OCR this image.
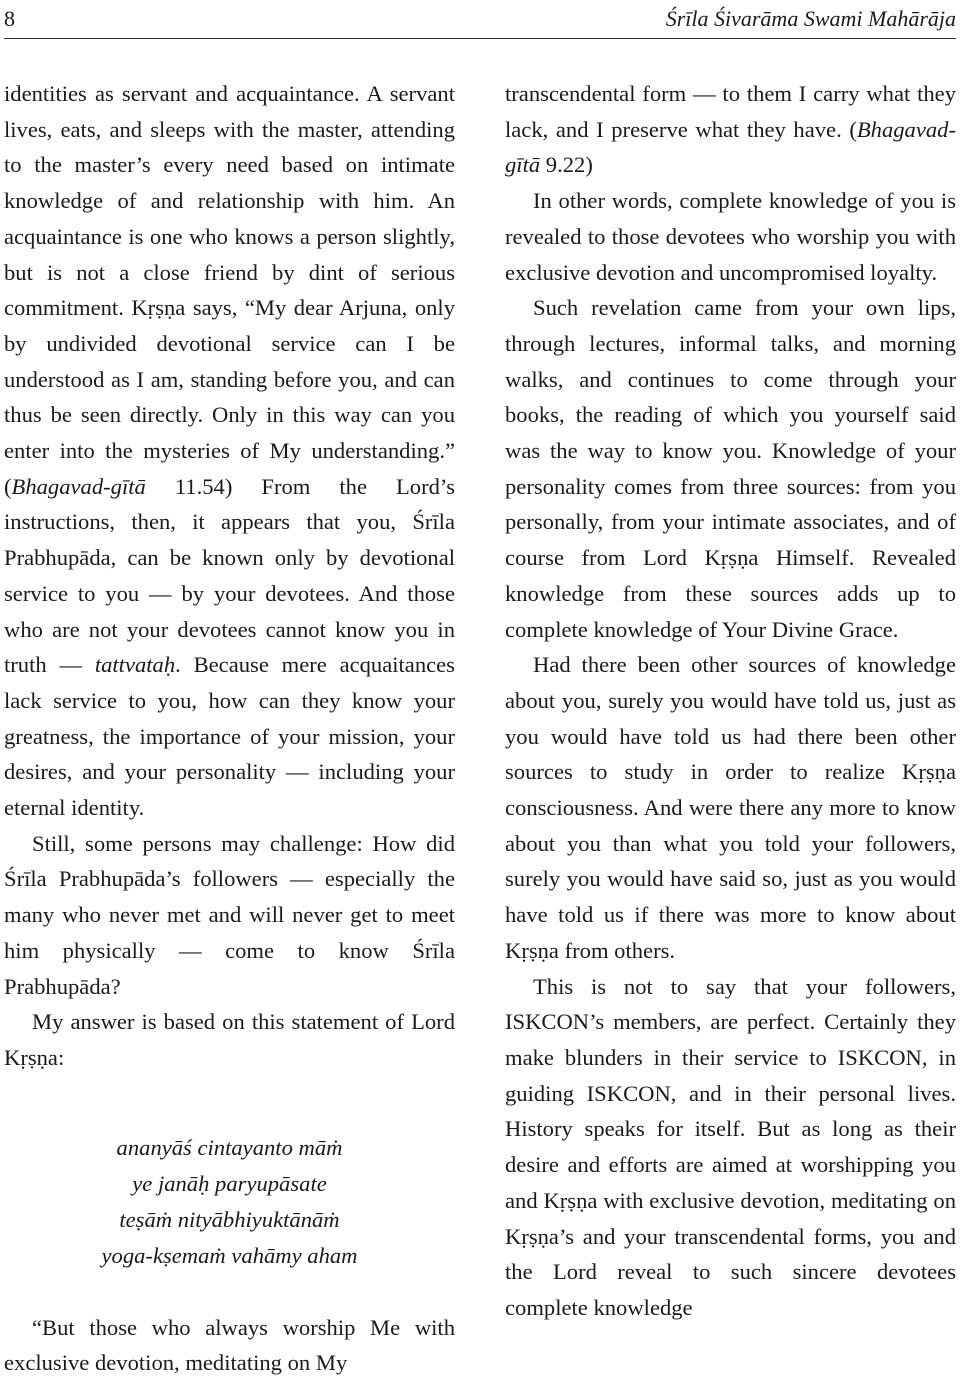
8	Śrīla Śivarāma Swami Mahārāja

identities as servant and acquaintance. A servant lives, eats, and sleeps with the master, attending to the master’s every need based on intimate knowledge of and relationship with him. An acquaintance is one who knows a person slightly, but is not a close friend by dint of serious commitment. Kṛṣṇa says, “My dear Arjuna, only by undivided devotional service can I be understood as I am, standing before you, and can thus be seen directly. Only in this way can you enter into the mysteries of My understanding.” (Bhagavad-gītā 11.54) From the Lord’s instructions, then, it appears that you, Śrīla Prabhupāda, can be known only by devotional service to you — by your devotees. And those who are not your devotees cannot know you in truth — tattvataḥ. Because mere acquaitances lack service to you, how can they know your greatness, the importance of your mission, your desires, and your personality — including your eternal identity.

Still, some persons may challenge: How did Śrīla Prabhupāda’s followers — especially the many who never met and will never get to meet him physically — come to know Śrīla Prabhupāda?

My answer is based on this statement of Lord Kṛṣṇa:

ananyāś cintayanto māṁ
ye janāḥ paryupāsate
teṣāṁ nityābhiyuktānāṁ
yoga-kṣemaṁ vahāmy aham

“But those who always worship Me with exclusive devotion, meditating on My

transcendental form — to them I carry what they lack, and I preserve what they have. (Bhagavad-gītā 9.22)

In other words, complete knowledge of you is revealed to those devotees who worship you with exclusive devotion and uncompromised loyalty.

Such revelation came from your own lips, through lectures, informal talks, and morning walks, and continues to come through your books, the reading of which you yourself said was the way to know you. Knowledge of your personality comes from three sources: from you personally, from your intimate associates, and of course from Lord Kṛṣṇa Himself. Revealed knowledge from these sources adds up to complete knowledge of Your Divine Grace.

Had there been other sources of knowledge about you, surely you would have told us, just as you would have told us had there been other sources to study in order to realize Kṛṣṇa consciousness. And were there any more to know about you than what you told your followers, surely you would have said so, just as you would have told us if there was more to know about Kṛṣṇa from others.

This is not to say that your followers, ISKCON’s members, are perfect. Certainly they make blunders in their service to ISKCON, in guiding ISKCON, and in their personal lives. History speaks for itself. But as long as their desire and efforts are aimed at worshipping you and Kṛṣṇa with exclusive devotion, meditating on Kṛṣṇa’s and your transcendental forms, you and the Lord reveal to such sincere devotees complete knowledge
